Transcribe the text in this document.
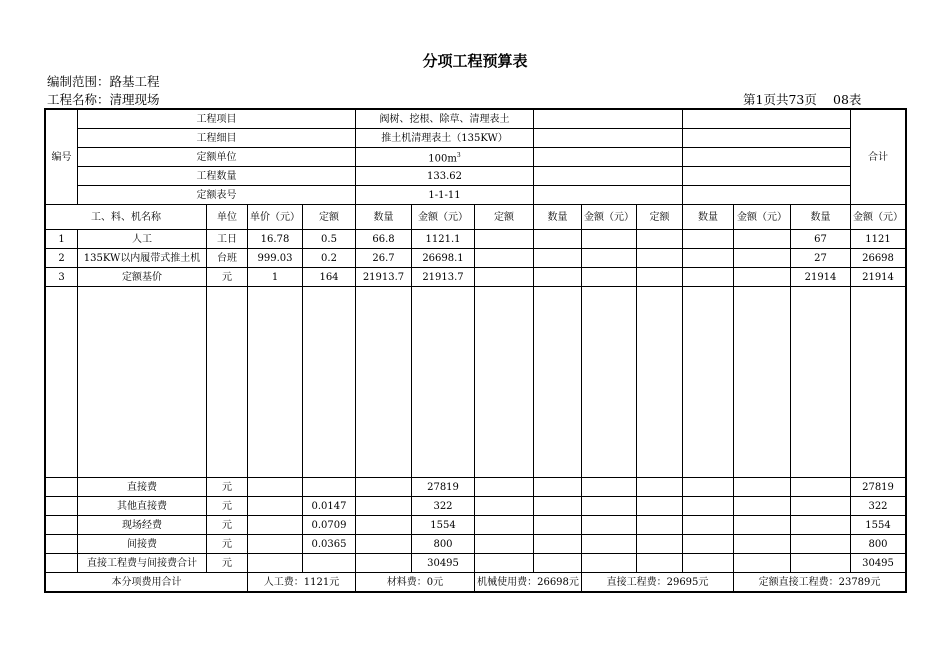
分项工程预算表
编制范围：路基工程
工程名称：清理现场	第1页共73页 08表
编号	工程项目				阀树、挖根、除草、清理表土									合计
	工程细目				推土机清理表土（135KW）									
	定额单位				$100m^3$		
	工程数量				133.62									
	定额表号				1-1-11									
工、料、机名称		单位	单价（元）	定额	数量	金额（元）	定额	数量	金额（元）	定额	数量	金额（元）	数量	金额（元）
1	人工	工日	16.78	0.5	66.8	1121.1							67	1121
2	135KW以内履带式推土机	台班	999.03	0.2	26.7	26698.1							27	26698
3	定额基价	元	1	164	21913.7	21913.7							21914	21914

	直接费	元				27819								27819
	其他直接费	元		0.0147		322								322
	现场经费	元		0.0709		1554								1554
	间接费	元		0.0365		800								800
	直接工程费与间接费合计	元				30495								30495
本分项费用合计			人工费：1121元		材料费：0元		机械使用费：26698元		直接工程费：29695元			定额直接工程费：23789元		
